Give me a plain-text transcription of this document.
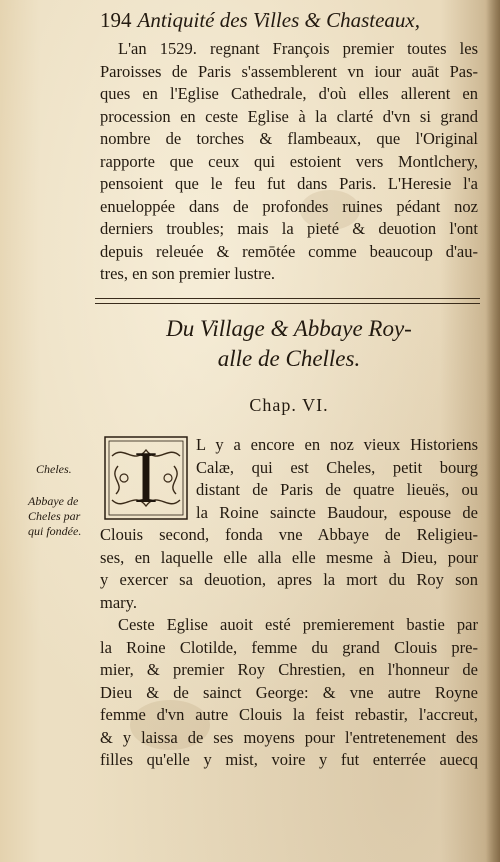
194 Antiquité des Villes & Chasteaux,
L'an 1529. regnant François premier toutes les
Paroisses de Paris s'assemblerent vn iour auāt Pas-
ques en l'Eglise Cathedrale, d'où elles allerent en
procession en ceste Eglise à la clarté d'vn si grand
nombre de torches & flambeaux, que l'Original
rapporte que ceux qui estoient vers Montlchery,
pensoient que le feu fut dans Paris. L'Heresie l'a
enueloppée dans de profondes ruines pédant noz
derniers troubles; mais la pieté & deuotion l'ont
depuis releuée & remōtée comme beaucoup d'au-
tres, en son premier lustre.
Du Village & Abbaye Roy-
alle de Chelles.
Chap. VI.
Cheles.
Abbaye de
Cheles par
qui fondée.
I	L y a encore en noz vieux Historiens
Calæ, qui est Cheles, petit bourg
distant de Paris de quatre lieuës, ou
la Roine saincte Baudour, espouse de
Clouis second, fonda vne Abbaye de Religieu-
ses, en laquelle elle alla elle mesme à Dieu, pour
y exercer sa deuotion, apres la mort du Roy son
mary.
Ceste Eglise auoit esté premierement bastie par
la Roine Clotilde, femme du grand Clouis pre-
mier, & premier Roy Chrestien, en l'honneur de
Dieu & de sainct George: & vne autre Royne
femme d'vn autre Clouis la feist rebastir, l'accreut,
& y laissa de ses moyens pour l'entretenement des
filles qu'elle y mist, voire y fut enterrée auecq
